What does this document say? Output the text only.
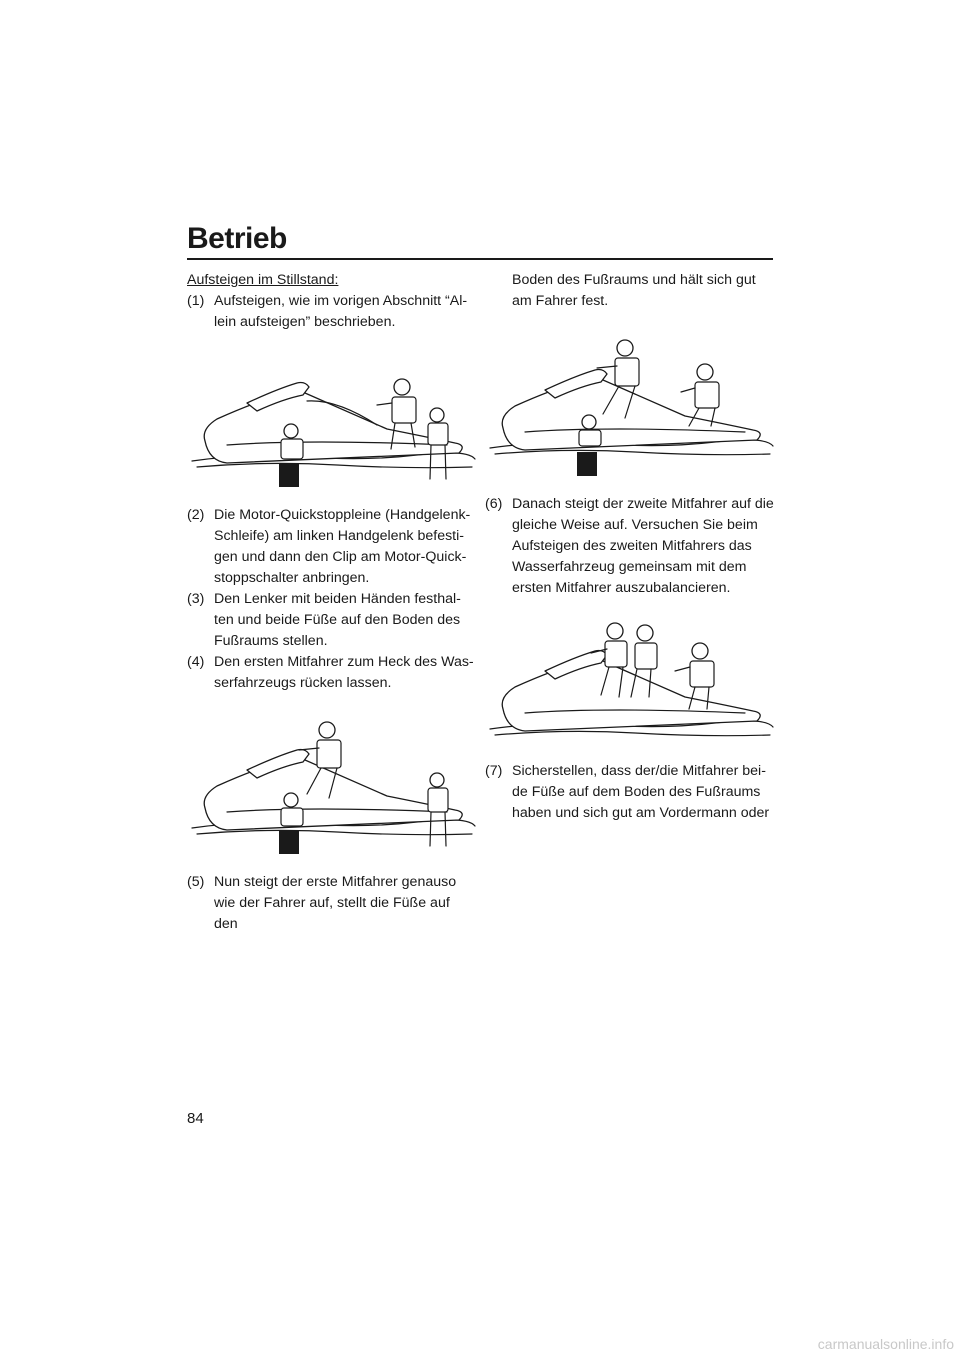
Betrieb
Aufsteigen im Stillstand:
(1) Aufsteigen, wie im vorigen Abschnitt “Al-lein aufsteigen” beschrieben.
(2) Die Motor-Quickstoppleine (Handgelenk-Schleife) am linken Handgelenk befesti-gen und dann den Clip am Motor-Quick-stoppschalter anbringen.
(3) Den Lenker mit beiden Händen festhal-ten und beide Füße auf den Boden des Fußraums stellen.
(4) Den ersten Mitfahrer zum Heck des Was-serfahrzeugs rücken lassen.
(5) Nun steigt der erste Mitfahrer genauso wie der Fahrer auf, stellt die Füße auf den
Boden des Fußraums und hält sich gut am Fahrer fest.
(6) Danach steigt der zweite Mitfahrer auf die gleiche Weise auf. Versuchen Sie beim Aufsteigen des zweiten Mitfahrers das Wasserfahrzeug gemeinsam mit dem ersten Mitfahrer auszubalancieren.
(7) Sicherstellen, dass der/die Mitfahrer bei-de Füße auf dem Boden des Fußraums haben und sich gut am Vordermann oder
84
carmanualsonline.info
